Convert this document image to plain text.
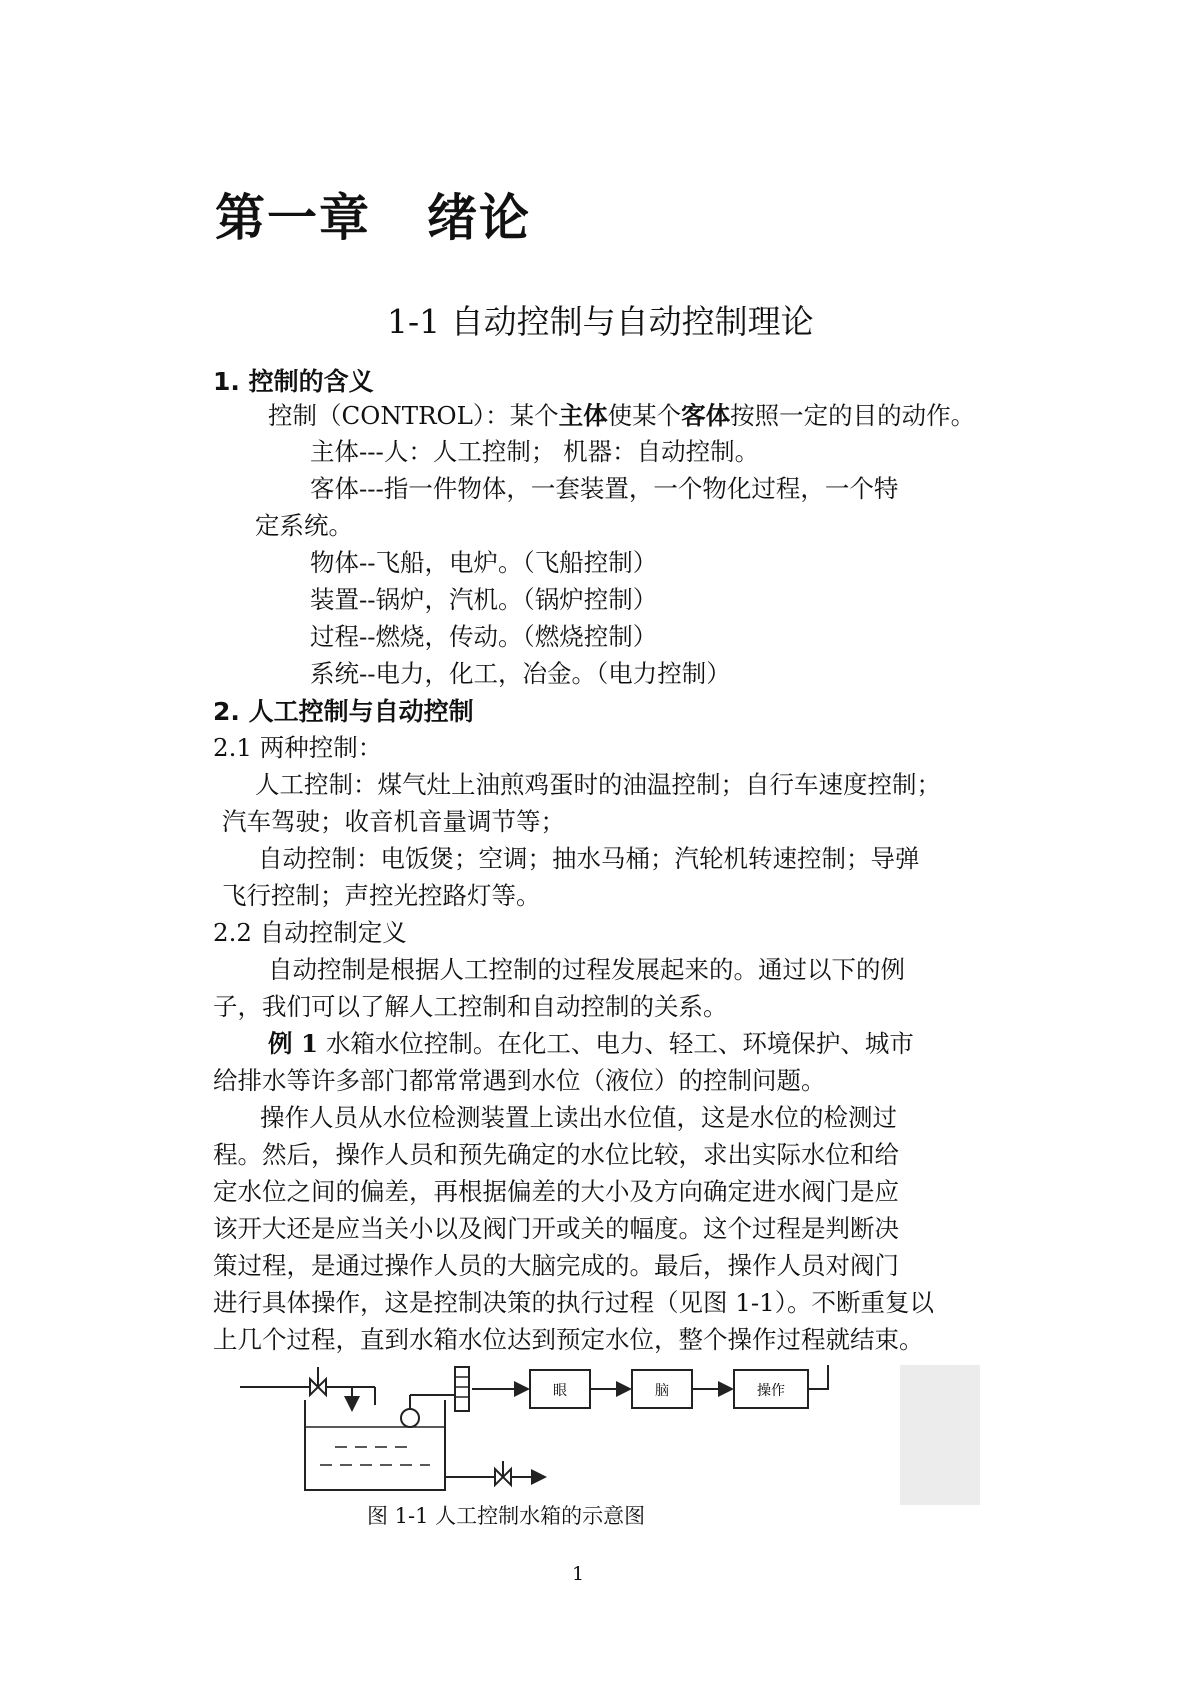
第一章 绪论
1-1 自动控制与自动控制理论
1. 控制的含义
控制（CONTROL）：某个主体使某个客体按照一定的目的动作。
主体---人：人工控制； 机器：自动控制。
客体---指一件物体，一套装置，一个物化过程，一个特
定系统。
物体--飞船，电炉。（飞船控制）
装置--锅炉，汽机。（锅炉控制）
过程--燃烧，传动。（燃烧控制）
系统--电力，化工，冶金。（电力控制）
2. 人工控制与自动控制
2.1 两种控制：
人工控制：煤气灶上油煎鸡蛋时的油温控制；自行车速度控制；
汽车驾驶；收音机音量调节等；
自动控制：电饭煲；空调；抽水马桶；汽轮机转速控制；导弹
飞行控制；声控光控路灯等。
2.2 自动控制定义
自动控制是根据人工控制的过程发展起来的。通过以下的例
子，我们可以了解人工控制和自动控制的关系。
例 1 水箱水位控制。在化工、电力、轻工、环境保护、城市
给排水等许多部门都常常遇到水位（液位）的控制问题。
操作人员从水位检测装置上读出水位值，这是水位的检测过
程。然后，操作人员和预先确定的水位比较，求出实际水位和给
定水位之间的偏差，再根据偏差的大小及方向确定进水阀门是应
该开大还是应当关小以及阀门开或关的幅度。这个过程是判断决
策过程，是通过操作人员的大脑完成的。最后，操作人员对阀门
进行具体操作，这是控制决策的执行过程（见图 1-1）。不断重复以
上几个过程，直到水箱水位达到预定水位，整个操作过程就结束。
眼	脑	操作
图 1-1 人工控制水箱的示意图
1
